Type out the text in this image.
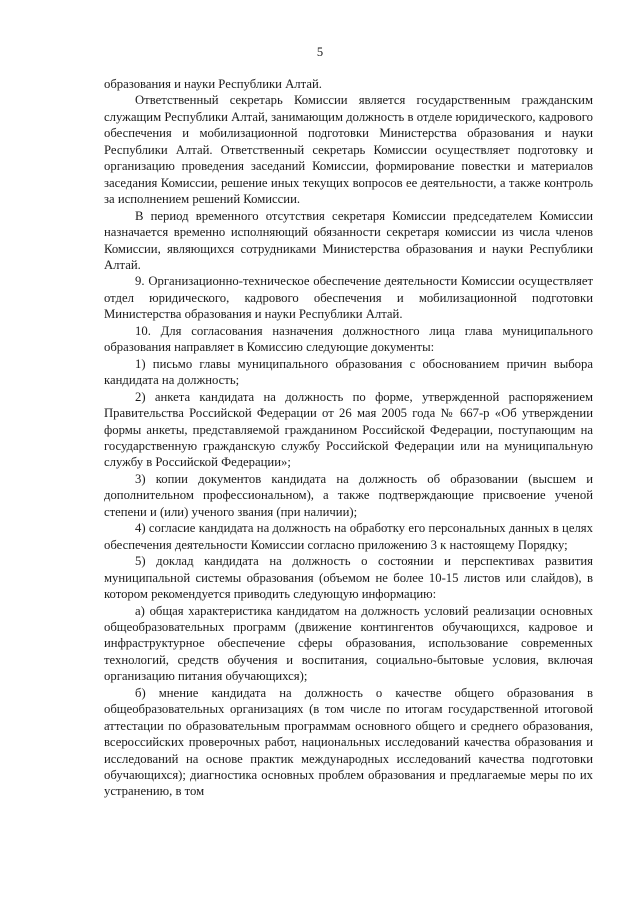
5

образования и науки Республики Алтай.

Ответственный секретарь Комиссии является государственным гражданским служащим Республики Алтай, занимающим должность в отделе юридического, кадрового обеспечения и мобилизационной подготовки Министерства образования и науки Республики Алтай. Ответственный секретарь Комиссии осуществляет подготовку и организацию проведения заседаний Комиссии, формирование повестки и материалов заседания Комиссии, решение иных текущих вопросов ее деятельности, а также контроль за исполнением решений Комиссии.

В период временного отсутствия секретаря Комиссии председателем Комиссии назначается временно исполняющий обязанности секретаря комиссии из числа членов Комиссии, являющихся сотрудниками Министерства образования и науки Республики Алтай.

9. Организационно-техническое обеспечение деятельности Комиссии осуществляет отдел юридического, кадрового обеспечения и мобилизационной подготовки Министерства образования и науки Республики Алтай.

10. Для согласования назначения должностного лица глава муниципального образования направляет в Комиссию следующие документы:

1) письмо главы муниципального образования с обоснованием причин выбора кандидата на должность;

2) анкета кандидата на должность по форме, утвержденной распоряжением Правительства Российской Федерации от 26 мая 2005 года № 667-р «Об утверждении формы анкеты, представляемой гражданином Российской Федерации, поступающим на государственную гражданскую службу Российской Федерации или на муниципальную службу в Российской Федерации»;

3) копии документов кандидата на должность об образовании (высшем и дополнительном профессиональном), а также подтверждающие присвоение ученой степени и (или) ученого звания (при наличии);

4) согласие кандидата на должность на обработку его персональных данных в целях обеспечения деятельности Комиссии согласно приложению 3 к настоящему Порядку;

5) доклад кандидата на должность о состоянии и перспективах развития муниципальной системы образования (объемом не более 10-15 листов или слайдов), в котором рекомендуется приводить следующую информацию:

а) общая характеристика кандидатом на должность условий реализации основных общеобразовательных программ (движение контингентов обучающихся, кадровое и инфраструктурное обеспечение сферы образования, использование современных технологий, средств обучения и воспитания, социально-бытовые условия, включая организацию питания обучающихся);

б) мнение кандидата на должность о качестве общего образования в общеобразовательных организациях (в том числе по итогам государственной итоговой аттестации по образовательным программам основного общего и среднего образования, всероссийских проверочных работ, национальных исследований качества образования и исследований на основе практик международных исследований качества подготовки обучающихся); диагностика основных проблем образования и предлагаемые меры по их устранению, в том
